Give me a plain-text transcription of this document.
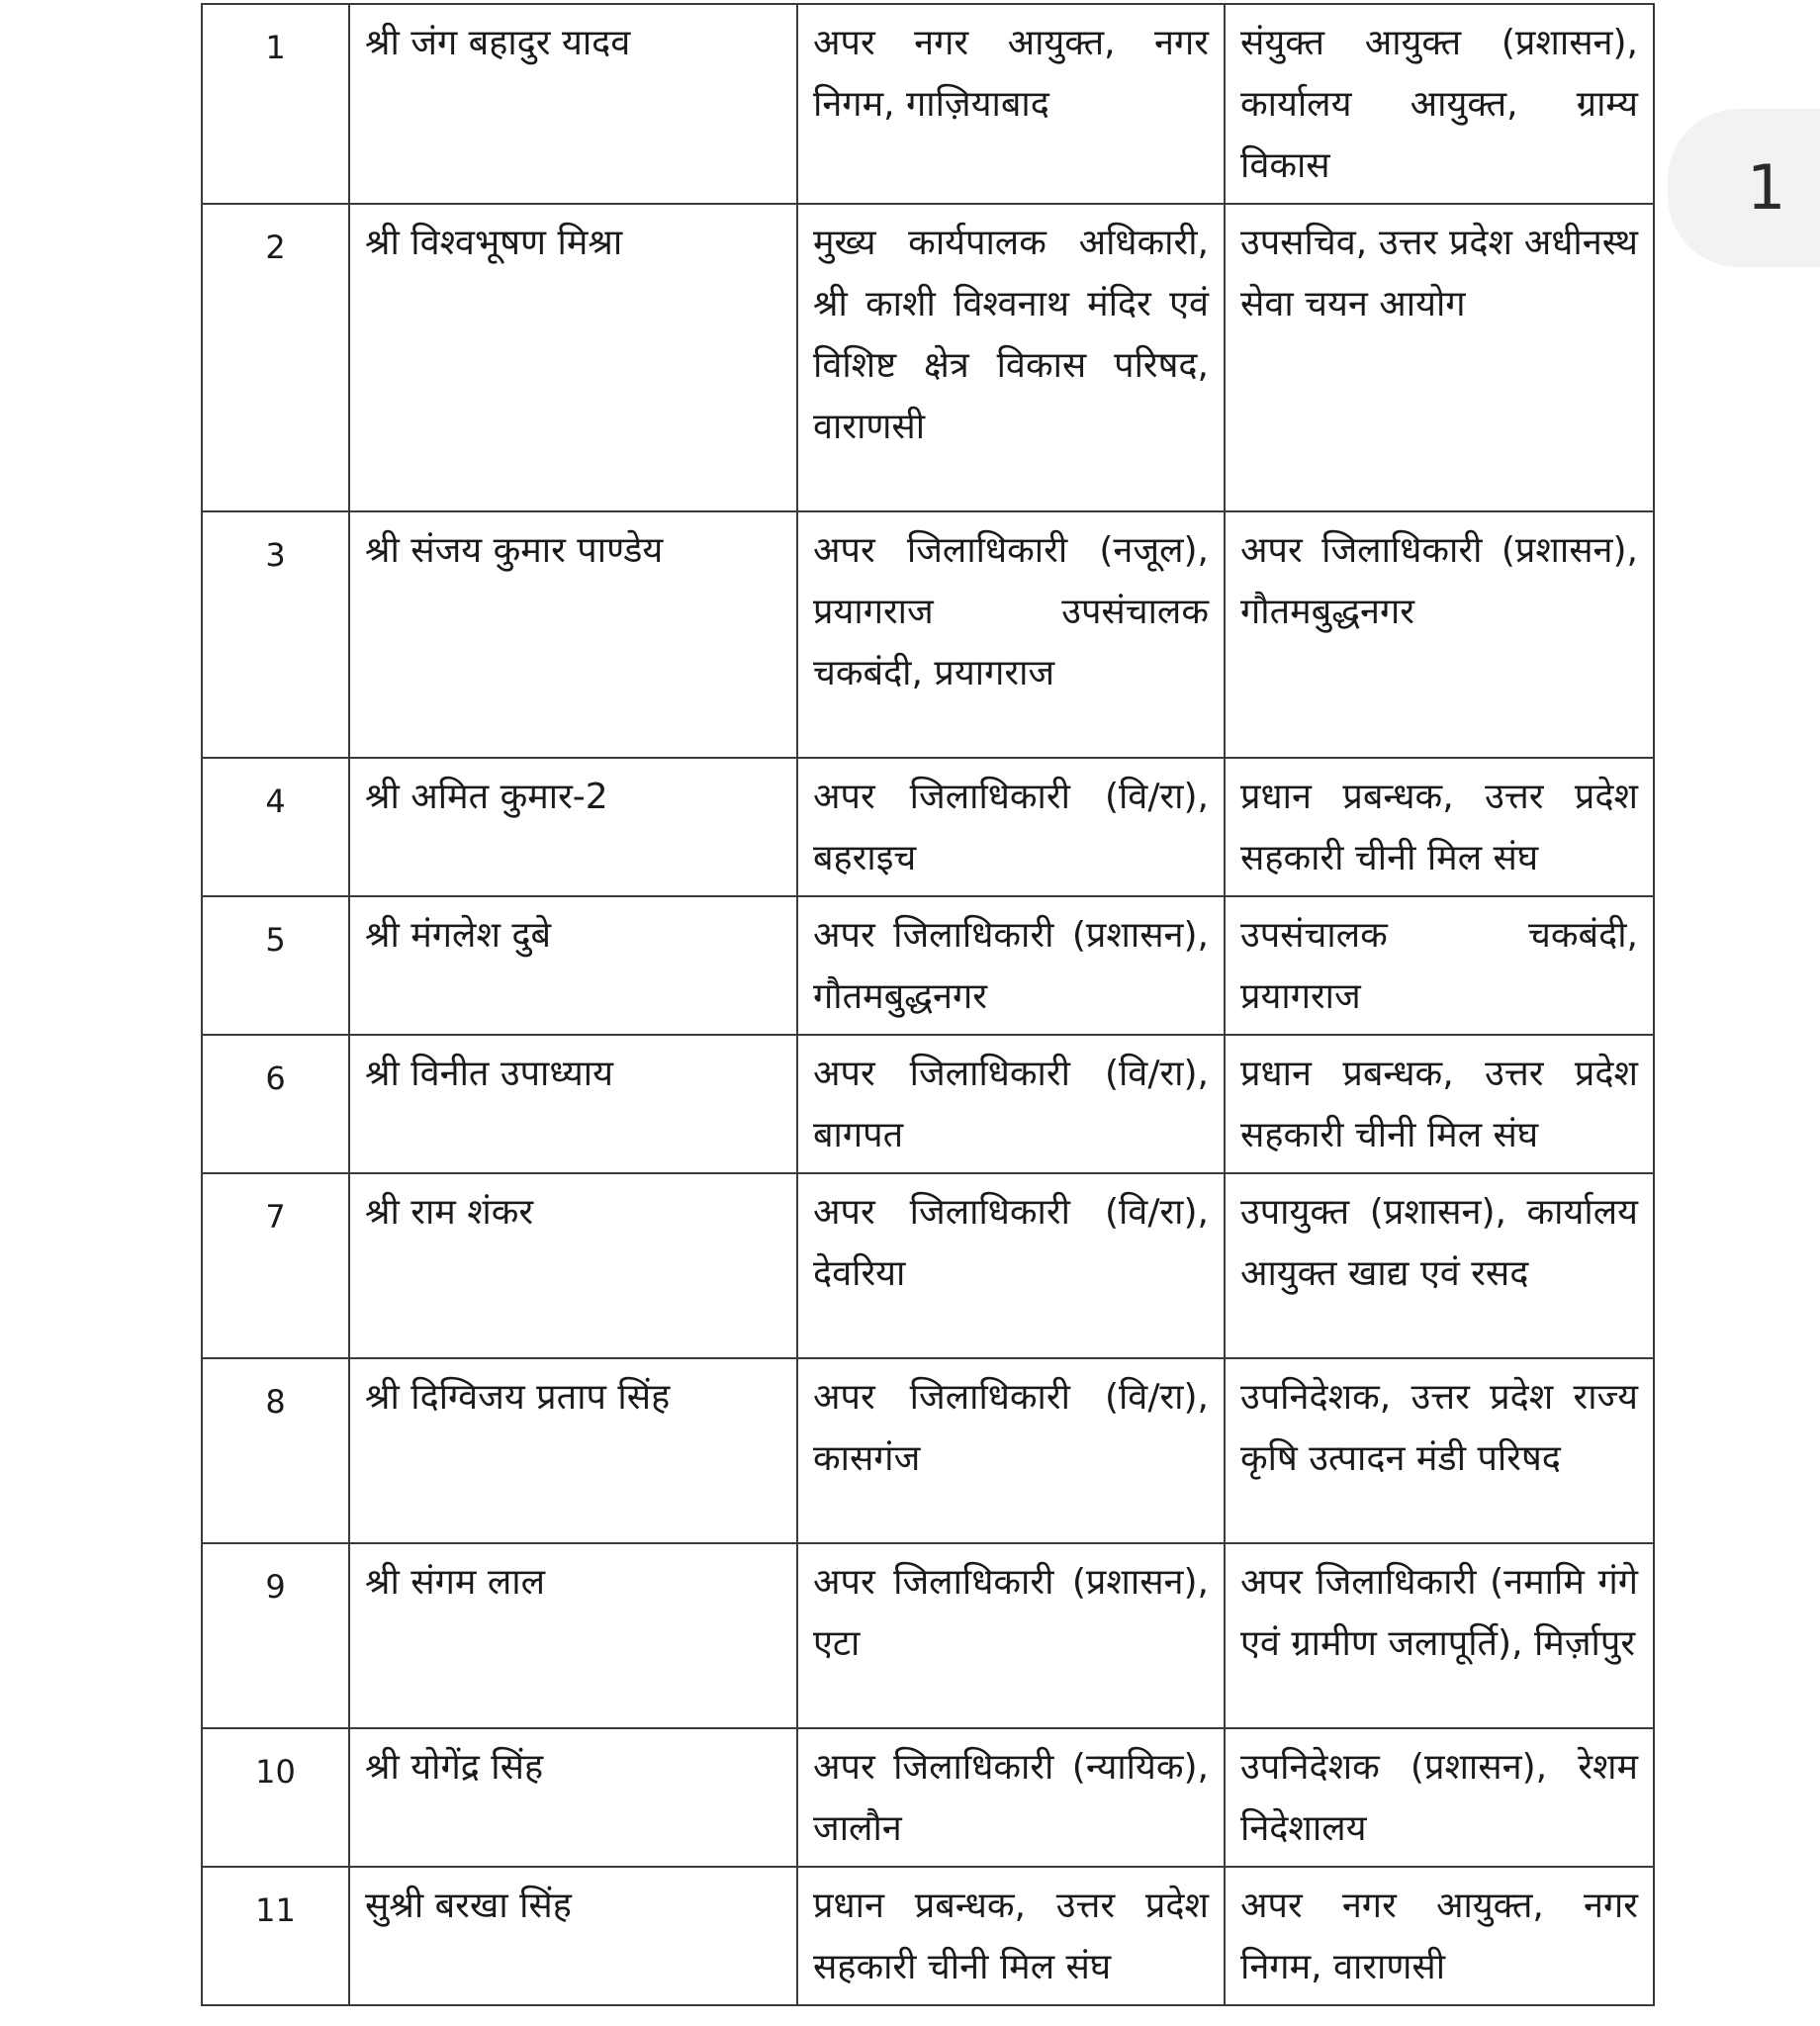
1	श्री जंग बहादुर यादव	अपर नगर आयुक्त, नगर निगम, गाज़ियाबाद	संयुक्त आयुक्त (प्रशासन), कार्यालय आयुक्त, ग्राम्य विकास
2	श्री विश्वभूषण मिश्रा	मुख्य कार्यपालक अधिकारी, श्री काशी विश्वनाथ मंदिर एवं विशिष्ट क्षेत्र विकास परिषद, वाराणसी	उपसचिव, उत्तर प्रदेश अधीनस्थ सेवा चयन आयोग
3	श्री संजय कुमार पाण्डेय	अपर जिलाधिकारी (नजूल), प्रयागराज उपसंचालक चकबंदी, प्रयागराज	अपर जिलाधिकारी (प्रशासन), गौतमबुद्धनगर
4	श्री अमित कुमार-2	अपर जिलाधिकारी (वि/रा), बहराइच	प्रधान प्रबन्धक, उत्तर प्रदेश सहकारी चीनी मिल संघ
5	श्री मंगलेश दुबे	अपर जिलाधिकारी (प्रशासन), गौतमबुद्धनगर	उपसंचालक चकबंदी, प्रयागराज
6	श्री विनीत उपाध्याय	अपर जिलाधिकारी (वि/रा), बागपत	प्रधान प्रबन्धक, उत्तर प्रदेश सहकारी चीनी मिल संघ
7	श्री राम शंकर	अपर जिलाधिकारी (वि/रा), देवरिया	उपायुक्त (प्रशासन), कार्यालय आयुक्त खाद्य एवं रसद
8	श्री दिग्विजय प्रताप सिंह	अपर जिलाधिकारी (वि/रा), कासगंज	उपनिदेशक, उत्तर प्रदेश राज्य कृषि उत्पादन मंडी परिषद
9	श्री संगम लाल	अपर जिलाधिकारी (प्रशासन), एटा	अपर जिलाधिकारी (नमामि गंगे एवं ग्रामीण जलापूर्ति), मिर्ज़ापुर
10	श्री योगेंद्र सिंह	अपर जिलाधिकारी (न्यायिक), जालौन	उपनिदेशक (प्रशासन), रेशम निदेशालय
11	सुश्री बरखा सिंह	प्रधान प्रबन्धक, उत्तर प्रदेश सहकारी चीनी मिल संघ	अपर नगर आयुक्त, नगर निगम, वाराणसी
1
